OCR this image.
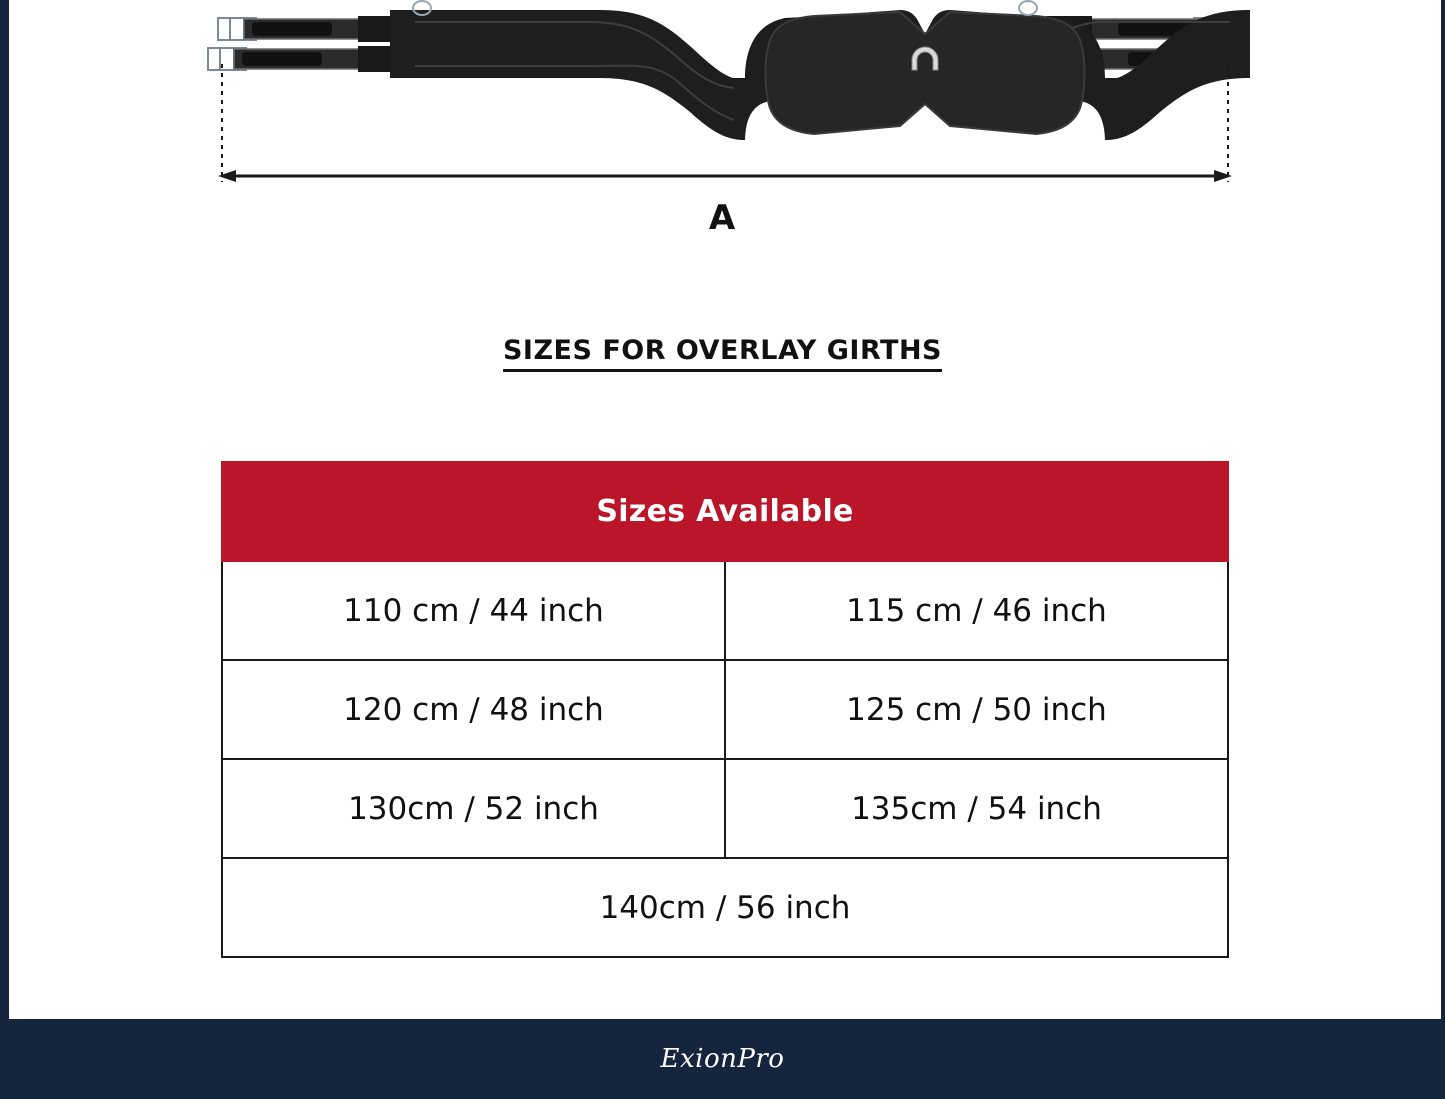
A
SIZES FOR OVERLAY GIRTHS
Sizes Available	
110 cm / 44 inch	115 cm / 46 inch
120 cm / 48 inch	125 cm / 50 inch
130cm / 52 inch	135cm / 54 inch
140cm / 56 inch	
ExionPro
